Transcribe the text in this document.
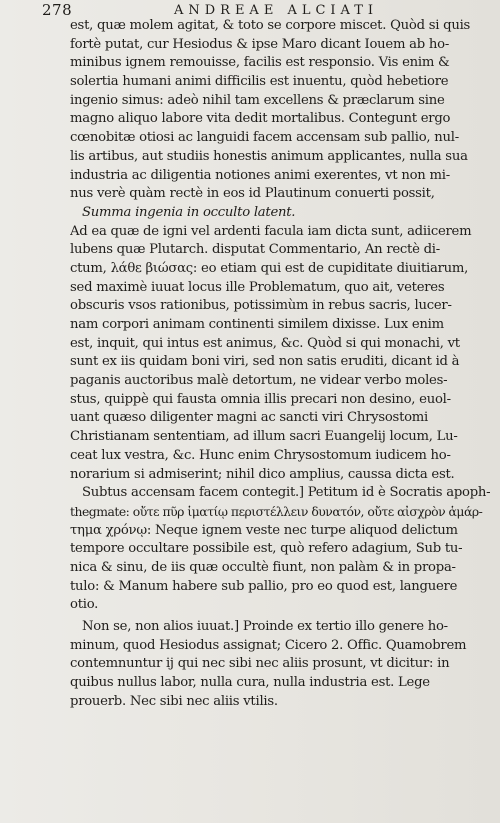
278	ANDREAE ALCIATI
est, quæ molem agitat, & toto se corpore miscet. Quòd si quis
fortè putat, cur Hesiodus & ipse Maro dicant Iouem ab ho-
minibus ignem remouisse, facilis est responsio. Vis enim &
solertia humani animi difficilis est inuentu, quòd hebetiore
ingenio simus: adeò nihil tam excellens & præclarum sine
magno aliquo labore vita dedit mortalibus. Contegunt ergo
cœnobitæ otiosi ac languidi facem accensam sub pallio, nul-
lis artibus, aut studiis honestis animum applicantes, nulla sua
industria ac diligentia notiones animi exerentes, vt non mi-
nus verè quàm rectè in eos id Plautinum conuerti possit,
Summa ingenia in occulto latent.
Ad ea quæ de igni vel ardenti facula iam dicta sunt, adiicerem
lubens quæ Plutarch. disputat Commentario, An rectè di-
ctum, λάθε βιώσας: eo etiam qui est de cupiditate diuitiarum,
sed maximè iuuat locus ille Problematum, quo ait, veteres
obscuris vsos rationibus, potissimùm in rebus sacris, lucer-
nam corpori animam continenti similem dixisse. Lux enim
est, inquit, qui intus est animus, &c. Quòd si qui monachi, vt
sunt ex iis quidam boni viri, sed non satis eruditi, dicant id à
paganis auctoribus malè detortum, ne videar verbo moles-
stus, quippè qui fausta omnia illis precari non desino, euol-
uant quæso diligenter magni ac sancti viri Chrysostomi
Christianam sententiam, ad illum sacri Euangelij locum, Lu-
ceat lux vestra, &c. Hunc enim Chrysostomum iudicem ho-
norarium si admiserint; nihil dico amplius, caussa dicta est.
Subtus accensam facem contegit.] Petitum id è Socratis apoph-
thegmate: οὔτε πῦρ ἱματίῳ περιστέλλειν δυνατόν, οὔτε αἰσχρὸν ἁμάρ-
τημα χρόνῳ: Neque ignem veste nec turpe aliquod delictum
tempore occultare possibile est, quò refero adagium, Sub tu-
nica & sinu, de iis quæ occultè fiunt, non palàm & in propa-
tulo: & Manum habere sub pallio, pro eo quod est, languere
otio.
Non se, non alios iuuat.] Proinde ex tertio illo genere ho-
minum, quod Hesiodus assignat; Cicero 2. Offic. Quamobrem
contemnuntur ij qui nec sibi nec aliis prosunt, vt dicitur: in
quibus nullus labor, nulla cura, nulla industria est. Lege
prouerb. Nec sibi nec aliis vtilis.
